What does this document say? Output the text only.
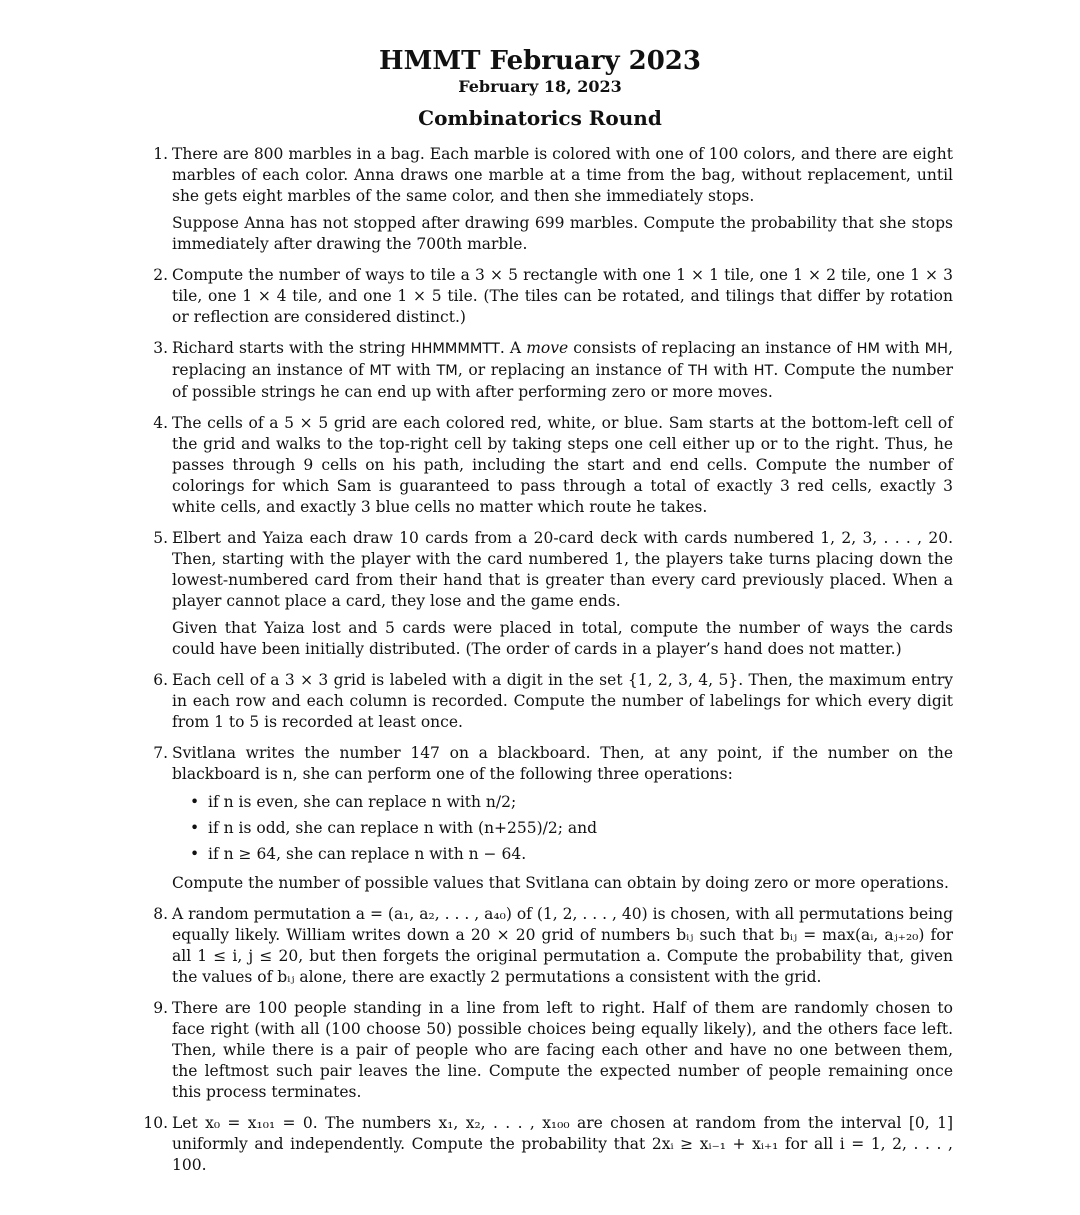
HMMT February 2023
February 18, 2023
Combinatorics Round
1. There are 800 marbles in a bag. Each marble is colored with one of 100 colors, and there are eight marbles of each color. Anna draws one marble at a time from the bag, without replacement, until she gets eight marbles of the same color, and then she immediately stops.

Suppose Anna has not stopped after drawing 699 marbles. Compute the probability that she stops immediately after drawing the 700th marble.

2. Compute the number of ways to tile a 3 × 5 rectangle with one 1 × 1 tile, one 1 × 2 tile, one 1 × 3 tile, one 1 × 4 tile, and one 1 × 5 tile. (The tiles can be rotated, and tilings that differ by rotation or reflection are considered distinct.)

3. Richard starts with the string HHMMMMTT. A move consists of replacing an instance of HM with MH, replacing an instance of MT with TM, or replacing an instance of TH with HT. Compute the number of possible strings he can end up with after performing zero or more moves.

4. The cells of a 5 × 5 grid are each colored red, white, or blue. Sam starts at the bottom-left cell of the grid and walks to the top-right cell by taking steps one cell either up or to the right. Thus, he passes through 9 cells on his path, including the start and end cells. Compute the number of colorings for which Sam is guaranteed to pass through a total of exactly 3 red cells, exactly 3 white cells, and exactly 3 blue cells no matter which route he takes.

5. Elbert and Yaiza each draw 10 cards from a 20-card deck with cards numbered 1, 2, 3, . . . , 20. Then, starting with the player with the card numbered 1, the players take turns placing down the lowest-numbered card from their hand that is greater than every card previously placed. When a player cannot place a card, they lose and the game ends.

Given that Yaiza lost and 5 cards were placed in total, compute the number of ways the cards could have been initially distributed. (The order of cards in a player’s hand does not matter.)

6. Each cell of a 3 × 3 grid is labeled with a digit in the set {1, 2, 3, 4, 5}. Then, the maximum entry in each row and each column is recorded. Compute the number of labelings for which every digit from 1 to 5 is recorded at least once.

7. Svitlana writes the number 147 on a blackboard. Then, at any point, if the number on the blackboard is n, she can perform one of the following three operations:

• if n is even, she can replace n with n/2;
• if n is odd, she can replace n with (n+255)/2; and
• if n ≥ 64, she can replace n with n − 64.

Compute the number of possible values that Svitlana can obtain by doing zero or more operations.

8. A random permutation a = (a₁, a₂, . . . , a₄₀) of (1, 2, . . . , 40) is chosen, with all permutations being equally likely. William writes down a 20 × 20 grid of numbers bᵢⱼ such that bᵢⱼ = max(aᵢ, aⱼ₊₂₀) for all 1 ≤ i, j ≤ 20, but then forgets the original permutation a. Compute the probability that, given the values of bᵢⱼ alone, there are exactly 2 permutations a consistent with the grid.

9. There are 100 people standing in a line from left to right. Half of them are randomly chosen to face right (with all (100 choose 50) possible choices being equally likely), and the others face left. Then, while there is a pair of people who are facing each other and have no one between them, the leftmost such pair leaves the line. Compute the expected number of people remaining once this process terminates.

10. Let x₀ = x₁₀₁ = 0. The numbers x₁, x₂, . . . , x₁₀₀ are chosen at random from the interval [0, 1] uniformly and independently. Compute the probability that 2xᵢ ≥ xᵢ₋₁ + xᵢ₊₁ for all i = 1, 2, . . . , 100.
